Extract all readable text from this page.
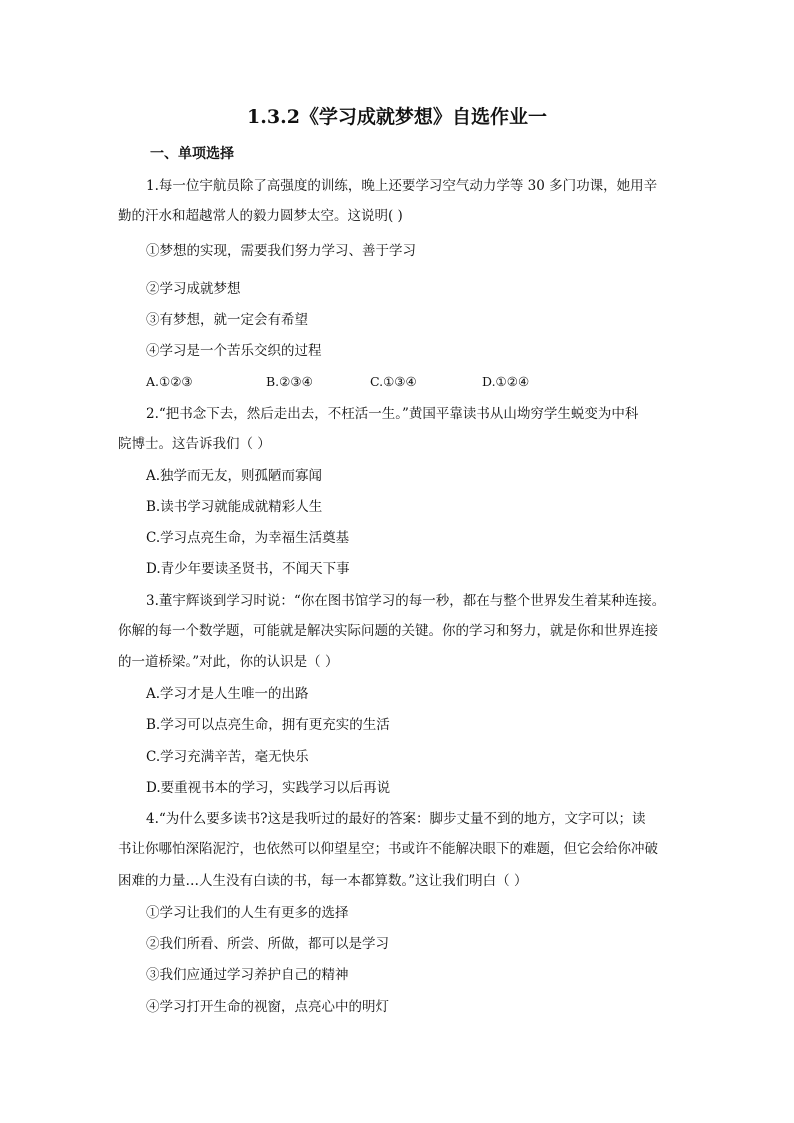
1.3.2《学习成就梦想》自选作业一
一、单项选择
1.每一位宇航员除了高强度的训练，晚上还要学习空气动力学等 30 多门功课，她用辛
勤的汗水和超越常人的毅力圆梦太空。这说明( )
①梦想的实现，需要我们努力学习、善于学习
②学习成就梦想
③有梦想，就一定会有希望
④学习是一个苦乐交织的过程
A.①②③	B.②③④	C.①③④	D.①②④
2.“把书念下去，然后走出去，不枉活一生。”黄国平靠读书从山坳穷学生蜕变为中科
院博士。这告诉我们（ ）
A.独学而无友，则孤陋而寡闻
B.读书学习就能成就精彩人生
C.学习点亮生命，为幸福生活奠基
D.青少年要读圣贤书，不闻天下事
3.董宇辉谈到学习时说：“你在图书馆学习的每一秒，都在与整个世界发生着某种连接。
你解的每一个数学题，可能就是解决实际问题的关键。你的学习和努力，就是你和世界连接
的一道桥梁。”对此，你的认识是（ ）
A.学习才是人生唯一的出路
B.学习可以点亮生命，拥有更充实的生活
C.学习充满辛苦，毫无快乐
D.要重视书本的学习，实践学习以后再说
4.“为什么要多读书?这是我听过的最好的答案：脚步丈量不到的地方，文字可以；读
书让你哪怕深陷泥泞，也依然可以仰望星空；书或许不能解决眼下的难题，但它会给你冲破
困难的力量…人生没有白读的书，每一本都算数。”这让我们明白（ ）
①学习让我们的人生有更多的选择
②我们所看、所尝、所做，都可以是学习
③我们应通过学习养护自己的精神
④学习打开生命的视窗，点亮心中的明灯
